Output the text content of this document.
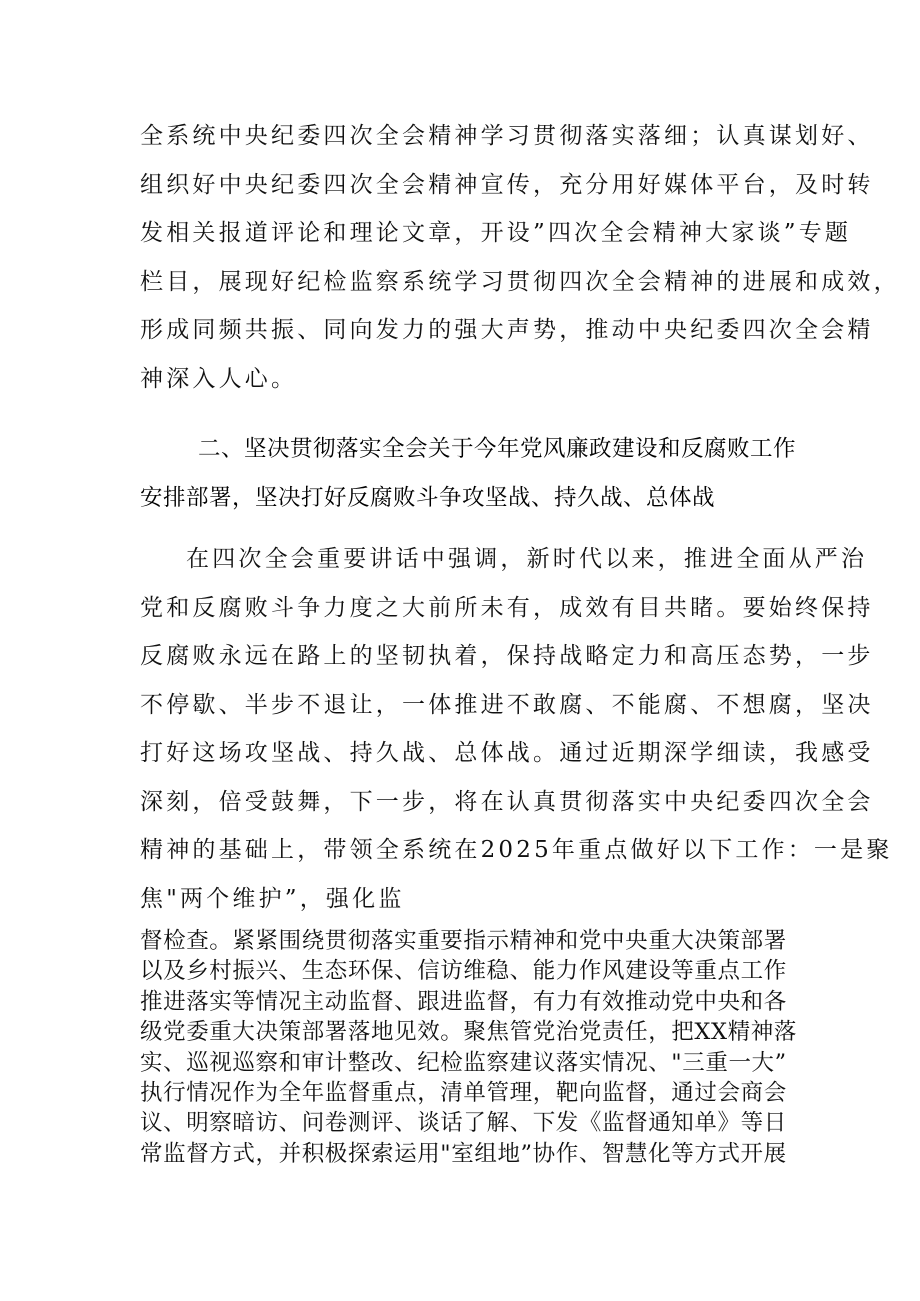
全系统中央纪委四次全会精神学习贯彻落实落细；认真谋划好、
组织好中央纪委四次全会精神宣传，充分用好媒体平台，及时转
发相关报道评论和理论文章，开设”四次全会精神大家谈”专题
栏目，展现好纪检监察系统学习贯彻四次全会精神的进展和成效，
形成同频共振、同向发力的强大声势，推动中央纪委四次全会精
神深入人心。
二、坚决贯彻落实全会关于今年党风廉政建设和反腐败工作
安排部署，坚决打好反腐败斗争攻坚战、持久战、总体战
在四次全会重要讲话中强调，新时代以来，推进全面从严治
党和反腐败斗争力度之大前所未有，成效有目共睹。要始终保持
反腐败永远在路上的坚韧执着，保持战略定力和高压态势，一步
不停歇、半步不退让，一体推进不敢腐、不能腐、不想腐，坚决
打好这场攻坚战、持久战、总体战。通过近期深学细读，我感受
深刻，倍受鼓舞，下一步，将在认真贯彻落实中央纪委四次全会
精神的基础上，带领全系统在2025年重点做好以下工作：一是聚
焦"两个维护”，强化监
督检查。紧紧围绕贯彻落实重要指示精神和党中央重大决策部署
以及乡村振兴、生态环保、信访维稳、能力作风建设等重点工作
推进落实等情况主动监督、跟进监督，有力有效推动党中央和各
级党委重大决策部署落地见效。聚焦管党治党责任，把XX精神落
实、巡视巡察和审计整改、纪检监察建议落实情况、"三重一大”
执行情况作为全年监督重点，清单管理，靶向监督，通过会商会
议、明察暗访、问卷测评、谈话了解、下发《监督通知单》等日
常监督方式，并积极探索运用"室组地”协作、智慧化等方式开展
